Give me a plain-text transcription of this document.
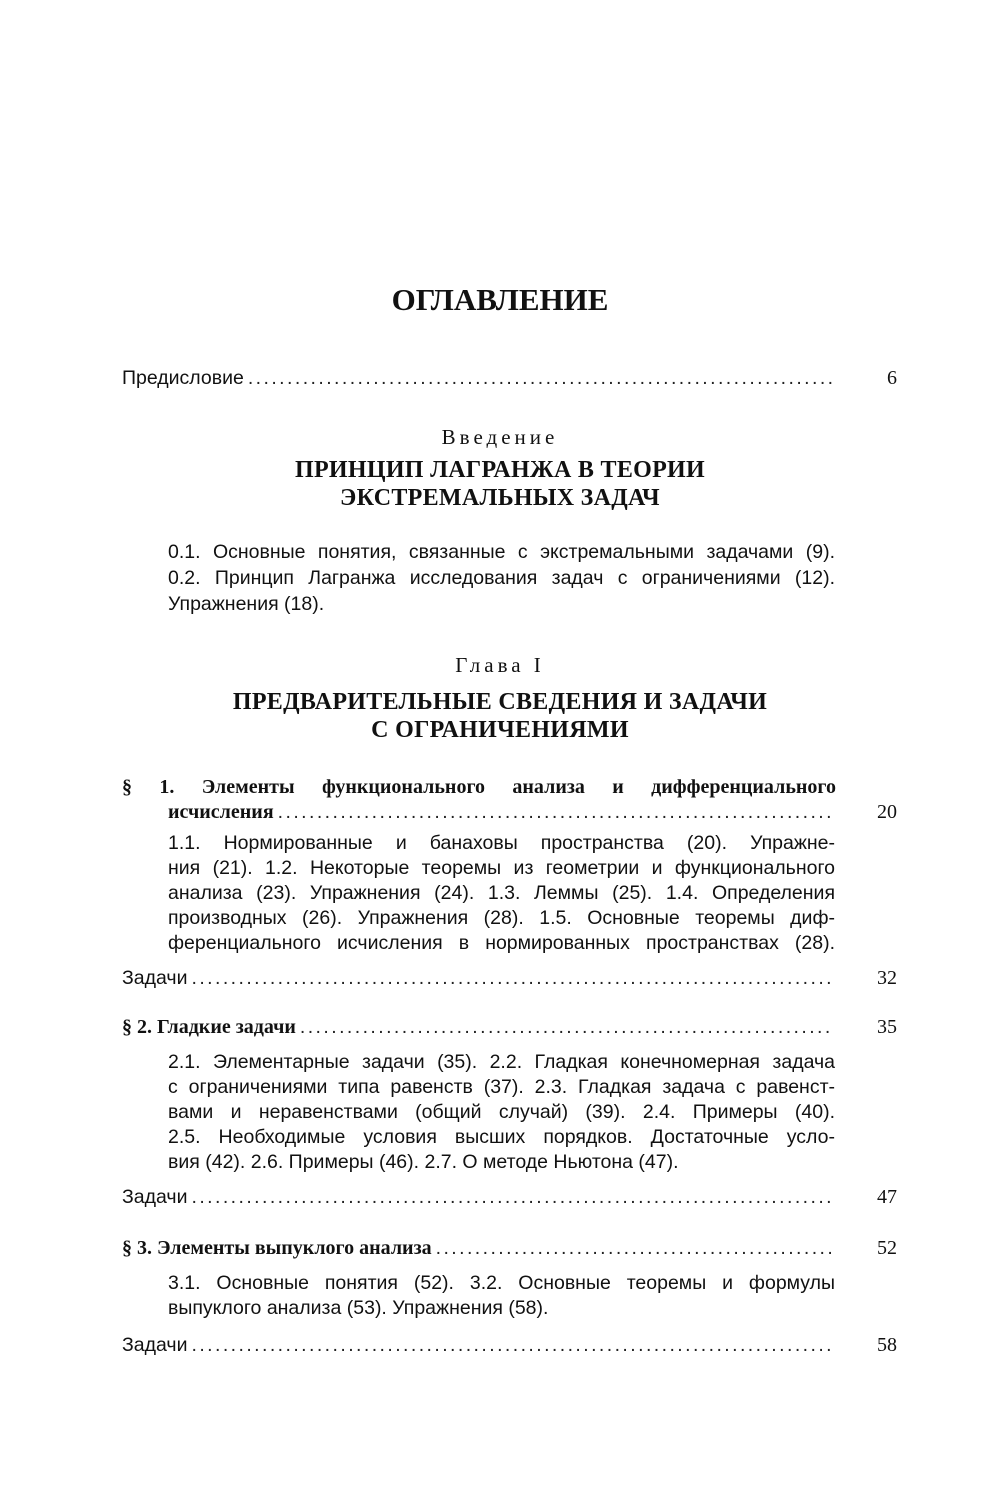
ОГЛАВЛЕНИЕ
Предисловие . . .	6
Введение
ПРИНЦИП ЛАГРАНЖА В ТЕОРИИ
ЭКСТРЕМАЛЬНЫХ ЗАДАЧ
0.1. Основные понятия, связанные с экстремальными задачами (9).
0.2. Принцип Лагранжа исследования задач с ограничениями (12).
Упражнения (18).
Глава I
ПРЕДВАРИТЕЛЬНЫЕ СВЕДЕНИЯ И ЗАДАЧИ
С ОГРАНИЧЕНИЯМИ
§ 1. Элементы функционального анализа и дифференциального
исчисления . . .	20
1.1. Нормированные и банаховы пространства (20). Упражне-
ния (21). 1.2. Некоторые теоремы из геометрии и функционального
анализа (23). Упражнения (24). 1.3. Леммы (25). 1.4. Определения
производных (26). Упражнения (28). 1.5. Основные теоремы диф-
ференциального исчисления в нормированных пространствах (28).
Задачи . . .	32
§ 2. Гладкие задачи . . .	35
2.1. Элементарные задачи (35). 2.2. Гладкая конечномерная задача
с ограничениями типа равенств (37). 2.3. Гладкая задача с равенст-
вами и неравенствами (общий случай) (39). 2.4. Примеры (40).
2.5. Необходимые условия высших порядков. Достаточные усло-
вия (42). 2.6. Примеры (46). 2.7. О методе Ньютона (47).
Задачи . . .	47
§ 3. Элементы выпуклого анализа . . .	52
3.1. Основные понятия (52). 3.2. Основные теоремы и формулы
выпуклого анализа (53). Упражнения (58).
Задачи . . .	58
